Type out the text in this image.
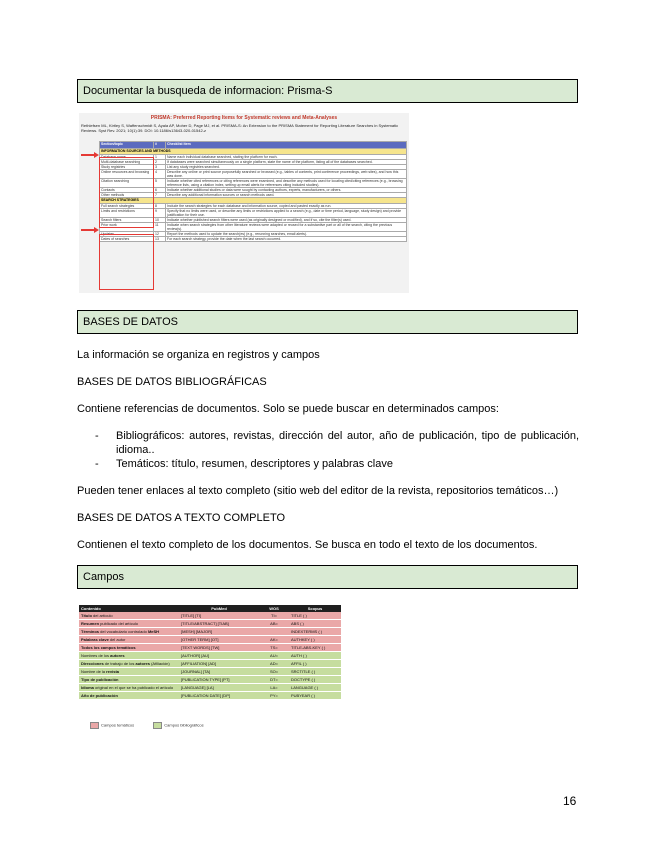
Documentar la busqueda de informacion: Prisma-S
PRISMA: Preferred Reporting Items for Systematic reviews and Meta-Analyses
Rethlefsen ML, Kirtley S, Waffenschmidt S, Ayala AP, Moher D, Page MJ, et al. PRISMA-S: An Extension to the PRISMA Statement for Reporting Literature Searches in Systematic Reviews. Syst Rev. 2021; 10(1):39. DOI: 10.1186/s13643-020-01542-z
Section/topic	#	Checklist item
INFORMATION SOURCES AND METHODS		
Database name	1	Name each individual database searched, stating the platform for each.
Multi-database searching	2	If databases were searched simultaneously on a single platform, state the name of the platform, listing all of the databases searched.
Study registries	3	List any study registries searched.
Online resources and browsing	4	Describe any online or print source purposefully searched or browsed (e.g., tables of contents, print conference proceedings, web sites), and how this was done.
Citation searching	5	Indicate whether cited references or citing references were examined, and describe any methods used for locating cited/citing references (e.g., browsing reference lists, using a citation index, setting up email alerts for references citing included studies).
Contacts	6	Indicate whether additional studies or data were sought by contacting authors, experts, manufacturers, or others.
Other methods	7	Describe any additional information sources or search methods used.
SEARCH STRATEGIES		
Full search strategies	8	Include the search strategies for each database and information source, copied and pasted exactly as run.
Limits and restrictions	9	Specify that no limits were used, or describe any limits or restrictions applied to a search (e.g., date or time period, language, study design) and provide justification for their use.
Search filters	10	Indicate whether published search filters were used (as originally designed or modified), and if so, cite the filter(s) used.
Prior work	11	Indicate when search strategies from other literature reviews were adapted or reused for a substantive part or all of the search, citing the previous review(s).
Updates	12	Report the methods used to update the search(es) (e.g., rerunning searches, email alerts).
Dates of searches	13	For each search strategy, provide the date when the last search occurred.
BASES DE DATOS
La información se organiza en registros y campos
BASES DE DATOS BIBLIOGRÁFICAS
Contiene referencias de documentos. Solo se puede buscar en determinados campos:
- Bibliográficos: autores, revistas, dirección del autor, año de publicación, tipo de publicación, idioma..
- Temáticos: título, resumen, descriptores y palabras clave
Pueden tener enlaces al texto completo (sitio web del editor de la revista, repositorios temáticos…)
BASES DE DATOS A TEXTO COMPLETO
Contienen el texto completo de los documentos. Se busca en todo el texto de los documentos.
Campos
Contenido	PubMed	WOS	Scopus
Título del artículo	[TITLE] [TI]	TI=	TITLE ( )
Resumen publicado del artículo	[TITLE/ABSTRACT] [TIAB]	AB=	ABS ( )
Términos del vocabulario controlado MeSH	[MESH] [MAJOR]		INDEXTERMS ( )
Palabras clave del autor	[OTHER TERM] [OT]	AK=	AUTHKEY ( )
Todos los campos temáticos	[TEXT WORDS] [TW]	TS=	TITLE-ABS-KEY ( )
Nombres de los autores	[AUTHOR] [AU]	AU=	AUTH ( )
Direcciones de trabajo de los autores (Afiliación)	[AFFILIATION] [AD]	AD=	AFFIL ( )
Nombre de la revista	[JOURNAL] [TA]	SO=	SRCTITLE ( )
Tipo de publicación	[PUBLICATION TYPE] [PT]	DT=	DOCTYPE ( )
Idioma original en el que se ha publicado el artículo	[LANGUAGE] [LA]	LA=	LANGUAGE ( )
Año de publicación	[PUBLICATION DATE] [DP]	PY=	PUBYEAR ( )
Campos temáticos	Campos bibliográficos
16
